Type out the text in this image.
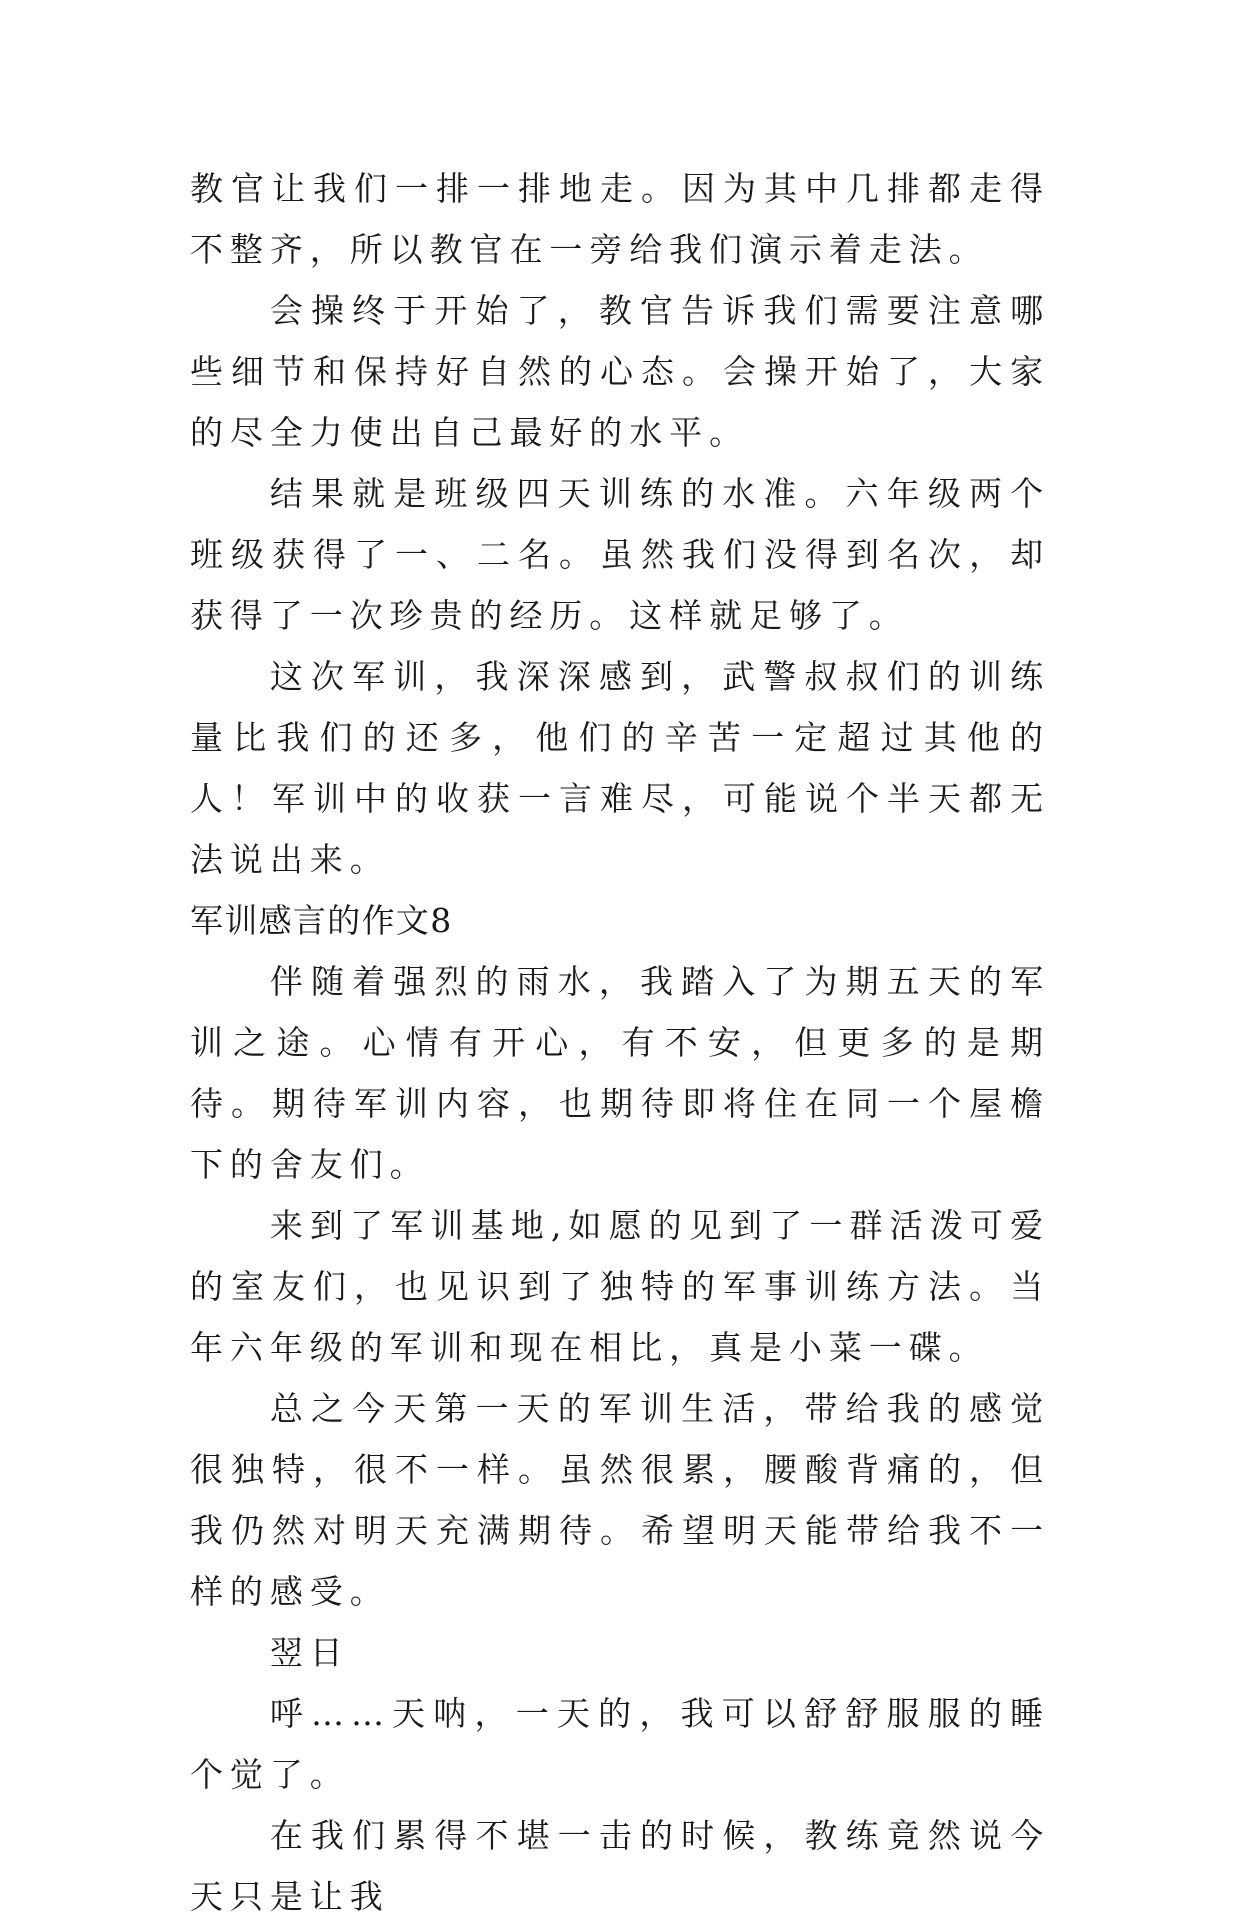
教官让我们一排一排地走。因为其中几排都走得不整齐，所以教官在一旁给我们演示着走法。

会操终于开始了，教官告诉我们需要注意哪些细节和保持好自然的心态。会操开始了，大家的尽全力使出自己最好的水平。

结果就是班级四天训练的水准。六年级两个班级获得了一、二名。虽然我们没得到名次，却获得了一次珍贵的经历。这样就足够了。

这次军训，我深深感到，武警叔叔们的训练量比我们的还多，他们的辛苦一定超过其他的人！军训中的收获一言难尽，可能说个半天都无法说出来。

军训感言的作文8

伴随着强烈的雨水，我踏入了为期五天的军训之途。心情有开心，有不安，但更多的是期待。期待军训内容，也期待即将住在同一个屋檐下的舍友们。

来到了军训基地,如愿的见到了一群活泼可爱的室友们，也见识到了独特的军事训练方法。当年六年级的军训和现在相比，真是小菜一碟。

总之今天第一天的军训生活，带给我的感觉很独特，很不一样。虽然很累，腰酸背痛的，但我仍然对明天充满期待。希望明天能带给我不一样的感受。

翌日

呼……天呐，一天的，我可以舒舒服服的睡个觉了。

在我们累得不堪一击的时候，教练竟然说今天只是让我
